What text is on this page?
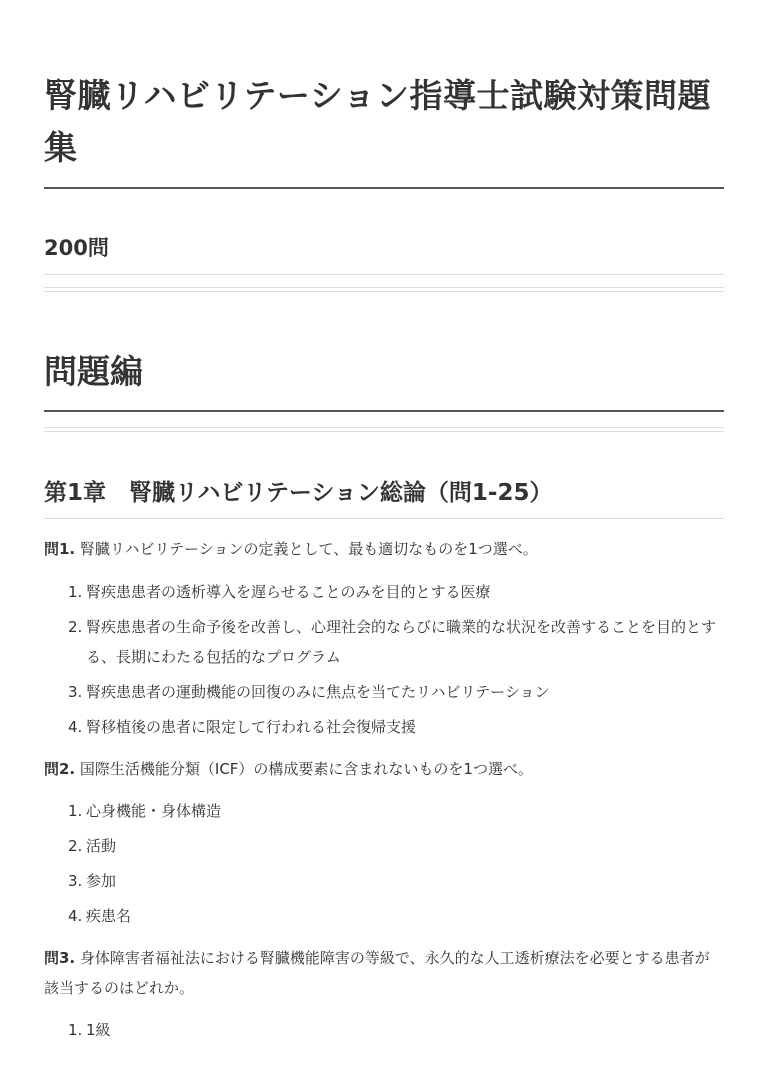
腎臓リハビリテーション指導士試験対策問題集
200問
問題編
第1章　腎臓リハビリテーション総論（問1-25）

問1. 腎臓リハビリテーションの定義として、最も適切なものを1つ選べ。

1. 腎疾患患者の透析導入を遅らせることのみを目的とする医療
2. 腎疾患患者の生命予後を改善し、心理社会的ならびに職業的な状況を改善することを目的とする、長期にわたる包括的なプログラム
3. 腎疾患患者の運動機能の回復のみに焦点を当てたリハビリテーション
4. 腎移植後の患者に限定して行われる社会復帰支援

問2. 国際生活機能分類（ICF）の構成要素に含まれないものを1つ選べ。

1. 心身機能・身体構造
2. 活動
3. 参加
4. 疾患名

問3. 身体障害者福祉法における腎臓機能障害の等級で、永久的な人工透析療法を必要とする患者が該当するのはどれか。

1. 1級
